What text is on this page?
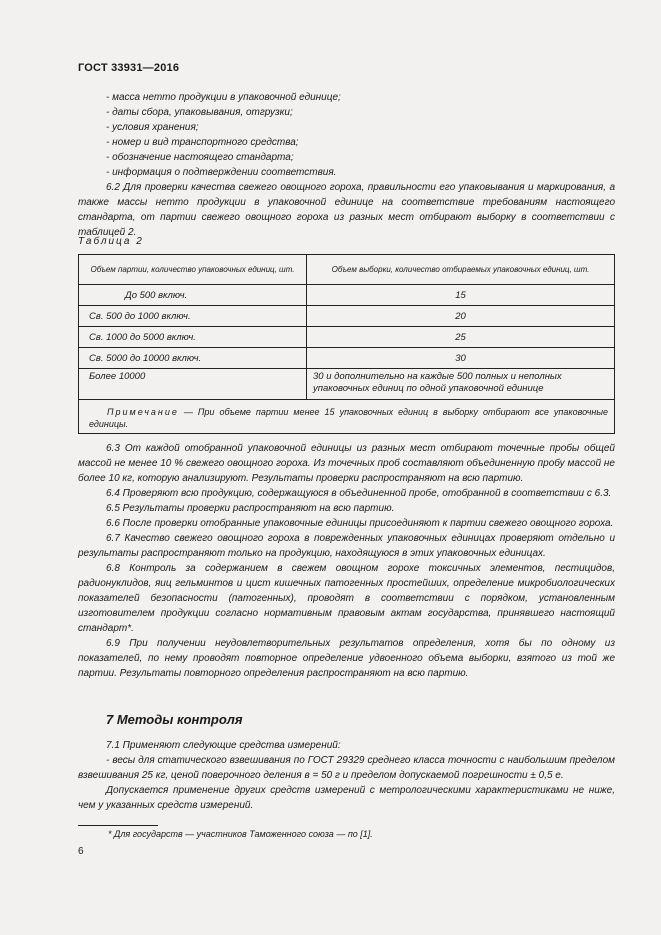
ГОСТ 33931—2016

- масса нетто продукции в упаковочной единице;

- даты сбора, упаковывания, отгрузки;

- условия хранения;

- номер и вид транспортного средства;

- обозначение настоящего стандарта;

- информация о подтверждении соответствия.

6.2 Для проверки качества свежего овощного гороха, правильности его упаковывания и маркирования, а также массы нетто продукции в упаковочной единице на соответствие требованиям настоящего стандарта, от партии свежего овощного гороха из разных мест отбирают выборку в соответствии с таблицей 2.

Таблица 2
Объем партии, количество упаковочных единиц, шт.	Объем выборки, количество отбираемых упаковочных единиц, шт.
До 500 включ.	15
Св. 500 до 1000 включ.	20
Св. 1000 до 5000 включ.	25
Св. 5000 до 10000 включ.	30
Более 10000	30 и дополнительно на каждые 500 полных и неполных упаковочных единиц по одной упаковочной единице
Примечание — При объеме партии менее 15 упаковочных единиц в выборку отбирают все упаковочные единицы.	

6.3 От каждой отобранной упаковочной единицы из разных мест отбирают точечные пробы общей массой не менее 10 % свежего овощного гороха. Из точечных проб составляют объединенную пробу массой не более 10 кг, которую анализируют. Результаты проверки распространяют на всю партию.

6.4 Проверяют всю продукцию, содержащуюся в объединенной пробе, отобранной в соответствии с 6.3.

6.5 Результаты проверки распространяют на всю партию.

6.6 После проверки отобранные упаковочные единицы присоединяют к партии свежего овощного гороха.

6.7 Качество свежего овощного гороха в поврежденных упаковочных единицах проверяют отдельно и результаты распространяют только на продукцию, находящуюся в этих упаковочных единицах.

6.8 Контроль за содержанием в свежем овощном горохе токсичных элементов, пестицидов, радионуклидов, яиц гельминтов и цист кишечных патогенных простейших, определение микробиологических показателей безопасности (патогенных), проводят в соответствии с порядком, установленным изготовителем продукции согласно нормативным правовым актам государства, принявшего настоящий стандарт*.

6.9 При получении неудовлетворительных результатов определения, хотя бы по одному из показателей, по нему проводят повторное определение удвоенного объема выборки, взятого из той же партии. Результаты повторного определения распространяют на всю партию.

7 Методы контроля

7.1 Применяют следующие средства измерений:

- весы для статического взвешивания по ГОСТ 29329 среднего класса точности с наибольшим пределом взвешивания 25 кг, ценой поверочного деления в = 50 г и пределом допускаемой погрешности ± 0,5 е.

Допускается применение других средств измерений с метрологическими характеристиками не ниже, чем у указанных средств измерений.

* Для государств — участников Таможенного союза — по [1].
6
